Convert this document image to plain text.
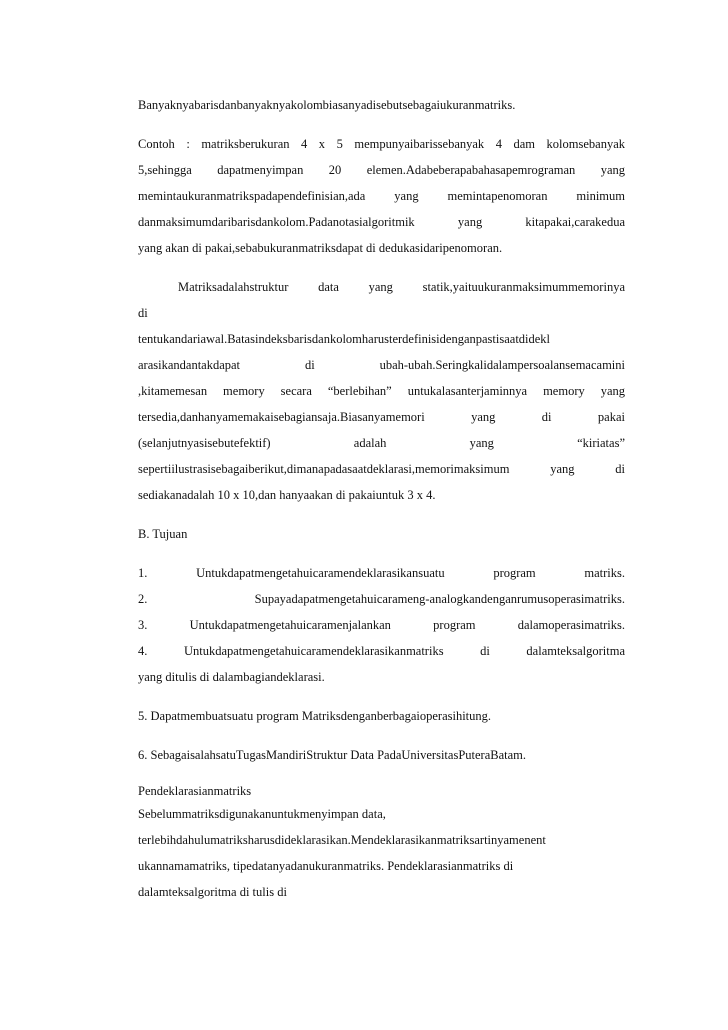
Banyaknyabarisdanbanyaknyakolombiasanyadisebutsebagaiukuranmatriks.
Contoh : matriksberukuran 4 x 5 mempunyaibarissebanyak 4 dam kolomsebanyak
5,sehingga dapatmenyimpan 20 elemen.Adabeberapabahasapemrograman yang
memintaukuranmatrikspadapendefinisian,ada yang memintapenomoran minimum
danmaksimumdaribarisdankolom.Padanotasialgoritmik yang kitapakai,carakedua
yang akan di pakai,sebabukuranmatriksdapat di dedukasidaripenomoran.
Matriksadalahstruktur data yang statik,yaituukuranmaksimummemorinya
di
tentukandariawal.Batasindeksbarisdankolomharusterdefinisidenganpastisaatdidekl
arasikandantakdapat di ubah-ubah.Seringkalidalampersoalansemacamini
,kitamemesan memory secara “berlebihan” untukalasanterjaminnya memory yang
tersedia,danhanyamemakaisebagiansaja.Biasanyamemori yang di pakai
(selanjutnyasisebutefektif) adalah yang “kiriatas”
sepertiilustrasisebagaiberikut,dimanapadasaatdeklarasi,memorimaksimum yang di
sediakanadalah 10 x 10,dan hanyaakan di pakaiuntuk 3 x 4.
B. Tujuan
1. Untukdapatmengetahuicaramendeklarasikansuatu program matriks.
2. Supayadapatmengetahuicarameng-analogkandenganrumusoperasimatriks.
3. Untukdapatmengetahuicaramenjalankan program dalamoperasimatriks.
4. Untukdapatmengetahuicaramendeklarasikanmatriks di dalamteksalgoritma
yang ditulis di dalambagiandeklarasi.
5. Dapatmembuatsuatu program Matriksdenganberbagaioperasihitung.
6. SebagaisalahsatuTugasMandiriStruktur Data PadaUniversitasPuteraBatam.
Pendeklarasianmatriks
Sebelummatriksdigunakanuntukmenyimpan data,
terlebihdahulumatriksharusdideklarasikan.Mendeklarasikanmatriksartinyamenent
ukannamamatriks, tipedatanyadanukuranmatriks. Pendeklarasianmatriks di
dalamteksalgoritma di tulis di
